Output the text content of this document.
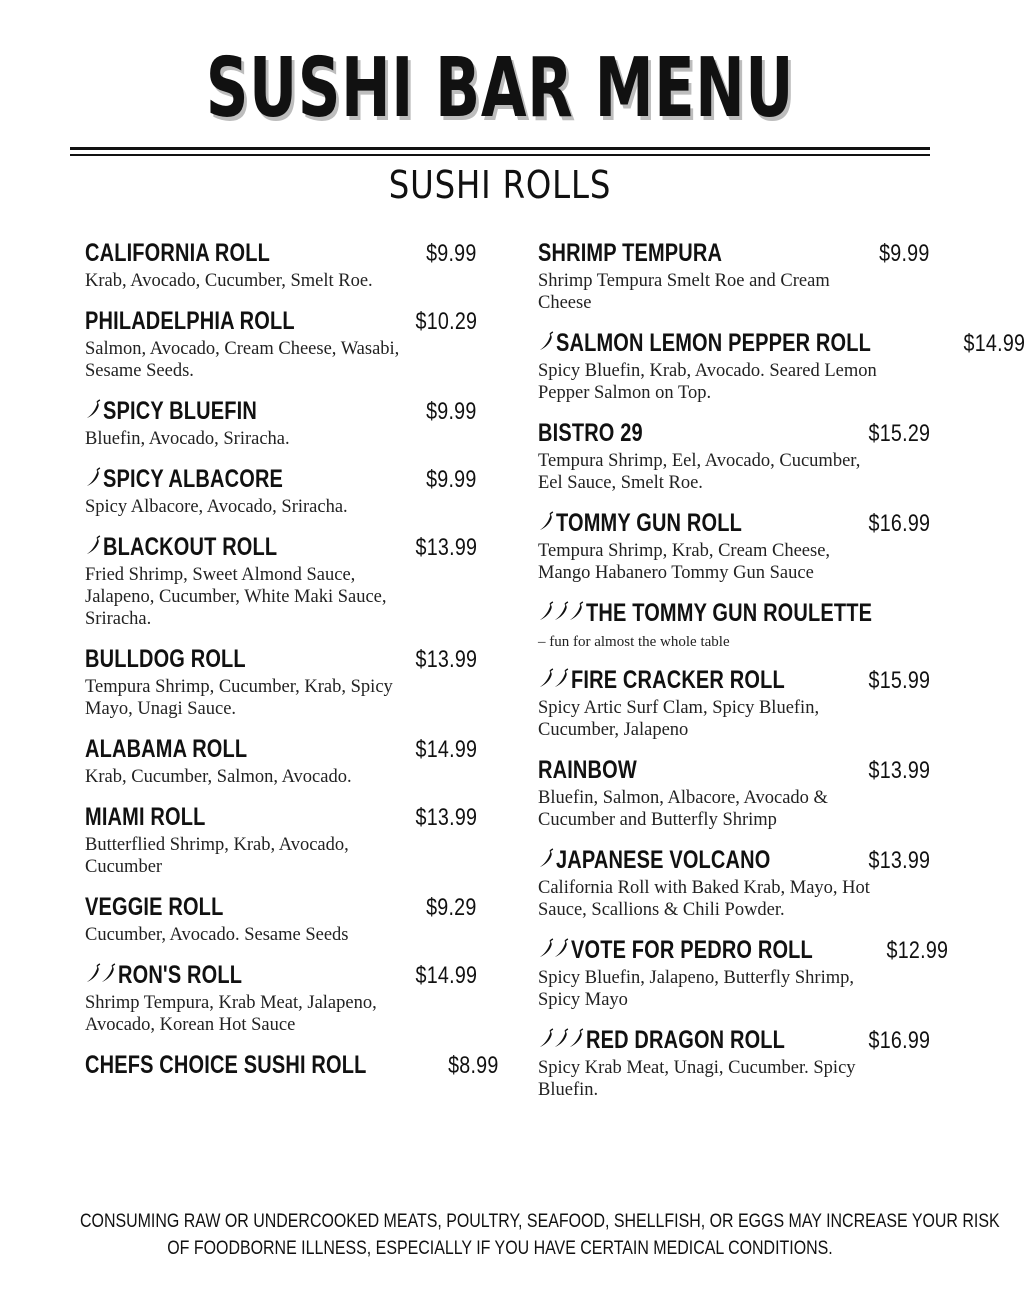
SUSHI BAR MENU
SUSHI ROLLS
CALIFORNIA ROLL	$9.99
Krab, Avocado, Cucumber, Smelt Roe.
PHILADELPHIA ROLL	$10.29
Salmon, Avocado, Cream Cheese, Wasabi, Sesame Seeds.
SPICY BLUEFIN	$9.99
Bluefin, Avocado, Sriracha.
SPICY ALBACORE	$9.99
Spicy Albacore, Avocado, Sriracha.
BLACKOUT ROLL	$13.99
Fried Shrimp, Sweet Almond Sauce, Jalapeno, Cucumber, White Maki Sauce, Sriracha.
BULLDOG ROLL	$13.99
Tempura Shrimp, Cucumber, Krab, Spicy Mayo, Unagi Sauce.
ALABAMA ROLL	$14.99
Krab, Cucumber, Salmon, Avocado.
MIAMI ROLL	$13.99
Butterflied Shrimp, Krab, Avocado, Cucumber
VEGGIE ROLL	$9.29
Cucumber, Avocado. Sesame Seeds
RON'S ROLL	$14.99
Shrimp Tempura, Krab Meat, Jalapeno, Avocado, Korean Hot Sauce
CHEFS CHOICE SUSHI ROLL	$8.99
SHRIMP TEMPURA	$9.99
Shrimp Tempura Smelt Roe and Cream Cheese
SALMON LEMON PEPPER ROLL	$14.99
Spicy Bluefin, Krab, Avocado. Seared Lemon Pepper Salmon on Top.
BISTRO 29	$15.29
Tempura Shrimp, Eel, Avocado, Cucumber, Eel Sauce, Smelt Roe.
TOMMY GUN ROLL	$16.99
Tempura Shrimp, Krab, Cream Cheese, Mango Habanero Tommy Gun Sauce
THE TOMMY GUN ROULETTE
– fun for almost the whole table
FIRE CRACKER ROLL	$15.99
Spicy Artic Surf Clam, Spicy Bluefin, Cucumber, Jalapeno
RAINBOW	$13.99
Bluefin, Salmon, Albacore, Avocado & Cucumber and Butterfly Shrimp
JAPANESE VOLCANO	$13.99
California Roll with Baked Krab, Mayo, Hot Sauce, Scallions & Chili Powder.
VOTE FOR PEDRO ROLL	$12.99
Spicy Bluefin, Jalapeno, Butterfly Shrimp, Spicy Mayo
RED DRAGON ROLL	$16.99
Spicy Krab Meat, Unagi, Cucumber. Spicy Bluefin.
CONSUMING RAW OR UNDERCOOKED MEATS, POULTRY, SEAFOOD, SHELLFISH, OR EGGS MAY INCREASE YOUR RISK
OF FOODBORNE ILLNESS, ESPECIALLY IF YOU HAVE CERTAIN MEDICAL CONDITIONS.
